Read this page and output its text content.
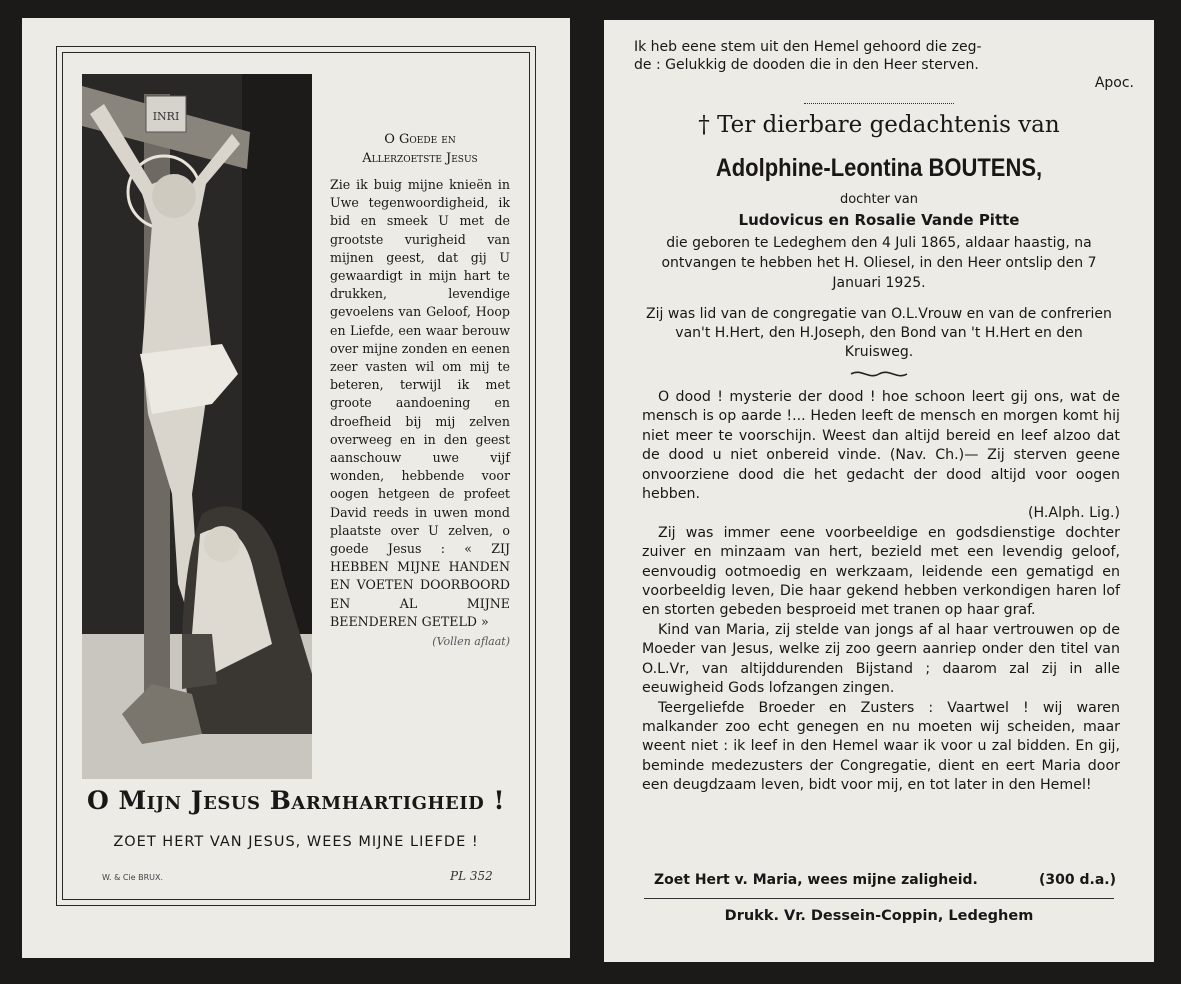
INRI
O Goede en
Allerzoetste Jesus
Zie ik buig mijne knieën in Uwe tegenwoordigheid, ik bid en smeek U met de grootste vurigheid van mijnen geest, dat gij U gewaardigt in mijn hart te drukken, levendige gevoelens van Geloof, Hoop en Liefde, een waar berouw over mijne zonden en eenen zeer vasten wil om mij te beteren, terwijl ik met groote aandoening en droefheid bij mij zelven overweeg en in den geest aanschouw uwe vijf wonden, hebbende voor oogen hetgeen de profeet David reeds in uwen mond plaatste over U zelven, o goede Jesus : « ZIJ HEBBEN MIJNE HANDEN EN VOETEN DOORBOORD EN AL MIJNE BEENDEREN GETELD »
(Vollen aflaat)
O Mijn Jesus Barmhartigheid !
ZOET HERT VAN JESUS, WEES MIJNE LIEFDE !
W. & Cie BRUX.	PL 352
Ik heb eene stem uit den Hemel gehoord die zeg-
de : Gelukkig de dooden die in den Heer sterven.
Apoc.
† Ter dierbare gedachtenis van
Adolphine-Leontina BOUTENS,
dochter van
Ludovicus en Rosalie Vande Pitte
die geboren te Ledeghem den 4 Juli 1865, aldaar haastig, na ontvangen te hebben het H. Oliesel, in den Heer ontslip den 7 Januari 1925.
Zij was lid van de congregatie van O.L.Vrouw en van de confrerien van't H.Hert, den H.Joseph, den Bond van 't H.Hert en den Kruisweg.

O dood ! mysterie der dood ! hoe schoon leert gij ons, wat de mensch is op aarde !... Heden leeft de mensch en morgen komt hij niet meer te voorschijn. Weest dan altijd bereid en leef alzoo dat de dood u niet onbereid vinde. (Nav. Ch.)— Zij sterven geene onvoorziene dood die het gedacht der dood altijd voor oogen hebben.
(H.Alph. Lig.)

Zij was immer eene voorbeeldige en godsdienstige dochter zuiver en minzaam van hert, bezield met een levendig geloof, eenvoudig ootmoedig en werkzaam, leidende een gematigd en voorbeeldig leven, Die haar gekend hebben verkondigen haren lof en storten gebeden besproeid met tranen op haar graf.

Kind van Maria, zij stelde van jongs af al haar vertrouwen op de Moeder van Jesus, welke zij zoo geern aanriep onder den titel van O.L.Vr, van altijddurenden Bijstand ; daarom zal zij in alle eeuwigheid Gods lofzangen zingen.

Teergeliefde Broeder en Zusters : Vaartwel ! wij waren malkander zoo echt genegen en nu moeten wij scheiden, maar weent niet : ik leef in den Hemel waar ik voor u zal bidden. En gij, beminde medezusters der Congregatie, dient en eert Maria door een deugdzaam leven, bidt voor mij, en tot later in den Hemel!

Zoet Hert v. Maria, wees mijne zaligheid.	(300 d.a.)
Drukk. Vr. Dessein-Coppin, Ledeghem
